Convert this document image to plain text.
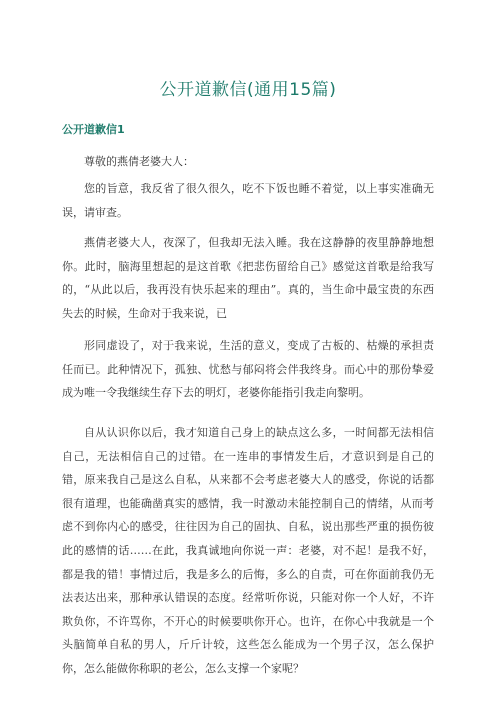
公开道歉信(通用15篇)
公开道歉信1

尊敬的燕倩老婆大人：

您的旨意，我反省了很久很久，吃不下饭也睡不着觉，以上事实准确无误，请审查。

燕倩老婆大人，夜深了，但我却无法入睡。我在这静静的夜里静静地想你。此时，脑海里想起的是这首歌《把悲伤留给自己》感觉这首歌是给我写的，“从此以后，我再没有快乐起来的理由”。真的，当生命中最宝贵的东西失去的时候，生命对于我来说，已

形同虚设了，对于我来说，生活的意义，变成了古板的、枯燥的承担责任而已。此种情况下，孤独、忧愁与郁闷将会伴我终身。而心中的那份挚爱成为唯一令我继续生存下去的明灯，老婆你能指引我走向黎明。

自从认识你以后，我才知道自己身上的缺点这么多，一时间都无法相信自己，无法相信自己的过错。在一连串的事情发生后，才意识到是自己的错，原来我自己是这么自私，从来都不会考虑老婆大人的感受，你说的话都很有道理，也能确凿真实的感情，我一时激动未能控制自己的情绪，从而考虑不到你内心的感受，往往因为自己的固执、自私，说出那些严重的损伤彼此的感情的话……在此，我真诚地向你说一声：老婆，对不起！是我不好，都是我的错！事情过后，我是多么的后悔，多么的自责，可在你面前我仍无法表达出来，那种承认错误的态度。经常听你说，只能对你一个人好，不许欺负你，不许骂你，不开心的时候要哄你开心。也许，在你心中我就是一个头脑简单自私的男人，斤斤计较，这些怎么能成为一个男子汉，怎么保护你，怎么能做你称职的老公，怎么支撑一个家呢？
